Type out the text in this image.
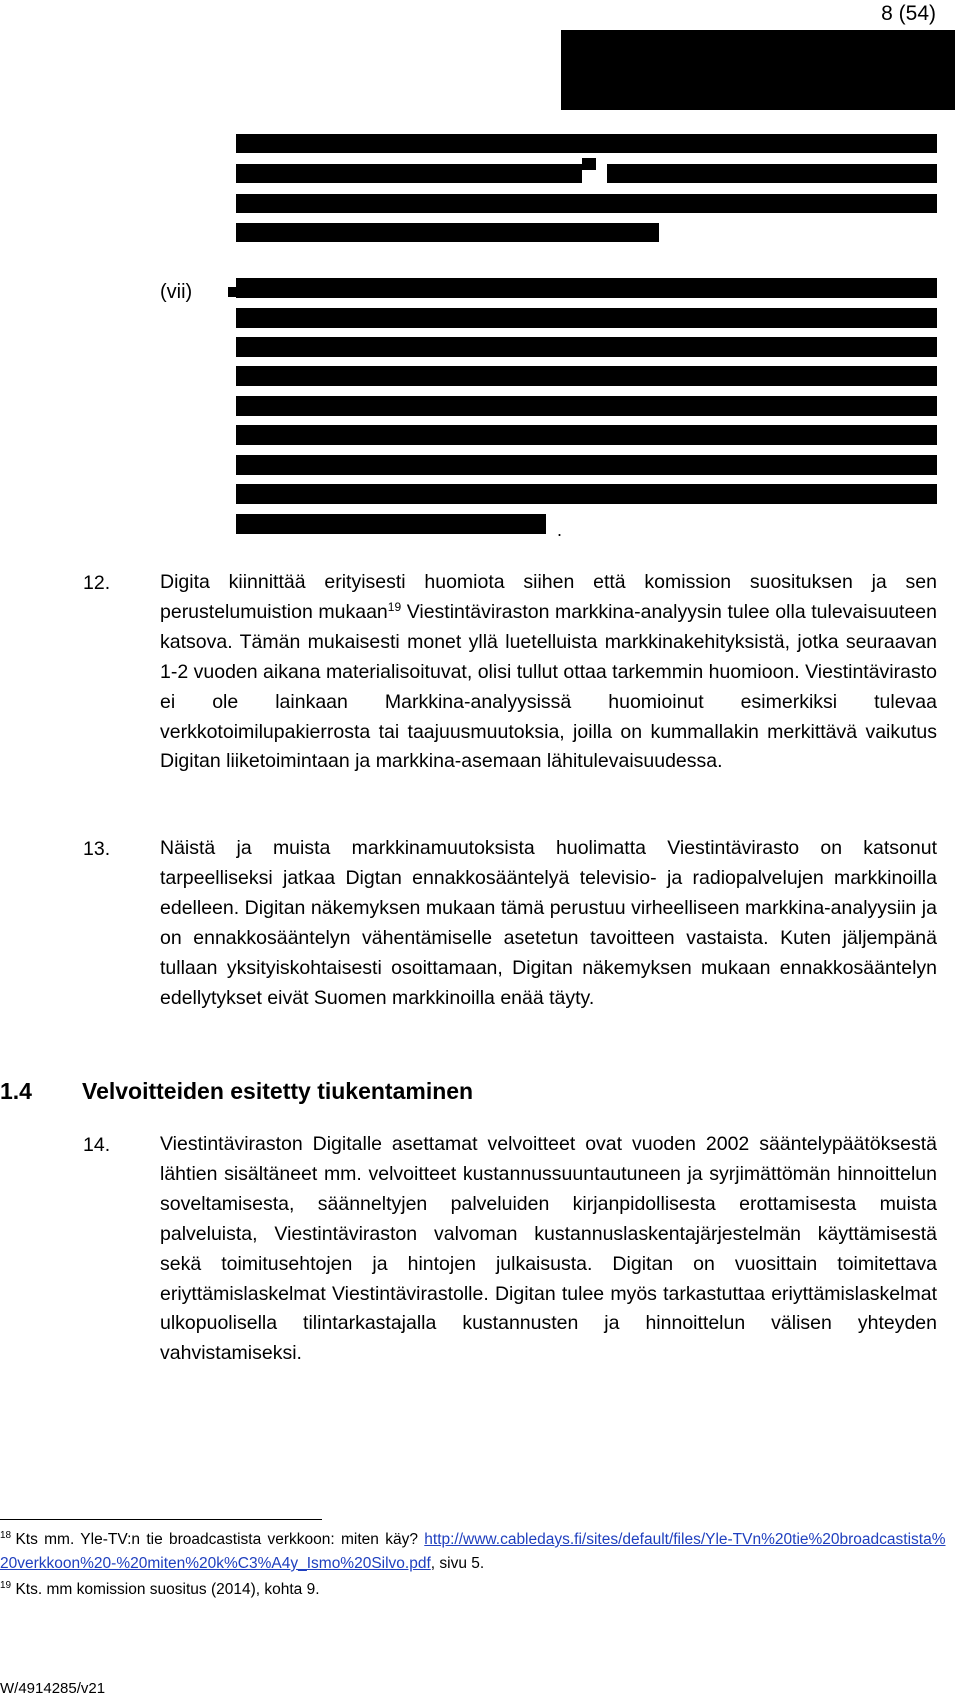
8 (54)
(vii)
.
12.	Digita kiinnittää erityisesti huomiota siihen että komission suosituksen ja sen perustelumuistion mukaan$^{19}$ Viestintäviraston markkina-analyysin tulee olla tulevaisuuteen katsova. Tämän mukaisesti monet yllä luetelluista markkinakehityksistä, jotka seuraavan 1-2 vuoden aikana materialisoituvat, olisi tullut ottaa tarkemmin huomioon. Viestintävirasto ei ole lainkaan Markkina-analyysissä huomioinut esimerkiksi tulevaa verkkotoimilupakierrosta tai taajuusmuutoksia, joilla on kummallakin merkittävä vaikutus Digitan liiketoimintaan ja markkina-asemaan lähitulevaisuudessa.
13.	Näistä ja muista markkinamuutoksista huolimatta Viestintävirasto on katsonut tarpeelliseksi jatkaa Digtan ennakkosääntelyä televisio- ja radiopalvelujen markkinoilla edelleen. Digitan näkemyksen mukaan tämä perustuu virheelliseen markkina-analyysiin ja on ennakkosääntelyn vähentämiselle asetetun tavoitteen vastaista. Kuten jäljempänä tullaan yksityiskohtaisesti osoittamaan, Digitan näkemyksen mukaan ennakkosääntelyn edellytykset eivät Suomen markkinoilla enää täyty.
1.4 Velvoitteiden esitetty tiukentaminen
14.	Viestintäviraston Digitalle asettamat velvoitteet ovat vuoden 2002 sääntelypäätöksestä lähtien sisältäneet mm. velvoitteet kustannussuuntautuneen ja syrjimättömän hinnoittelun soveltamisesta, säänneltyjen palveluiden kirjanpidollisesta erottamisesta muista palveluista, Viestintäviraston valvoman kustannuslaskentajärjestelmän käyttämisestä sekä toimitusehtojen ja hintojen julkaisusta. Digitan on vuosittain toimitettava eriyttämislaskelmat Viestintävirastolle. Digitan tulee myös tarkastuttaa eriyttämislaskelmat ulkopuolisella tilintarkastajalla kustannusten ja hinnoittelun välisen yhteyden vahvistamiseksi.
$^{18}$ Kts mm. Yle-TV:n tie broadcastista verkkoon: miten käy? http://www.cabledays.fi/sites/default/files/Yle-TVn%20tie%20broadcastista%20verkkoon%20-%20miten%20k%C3%A4y_Ismo%20Silvo.pdf, sivu 5.
$^{19}$ Kts. mm komission suositus (2014), kohta 9.
W/4914285/v21
